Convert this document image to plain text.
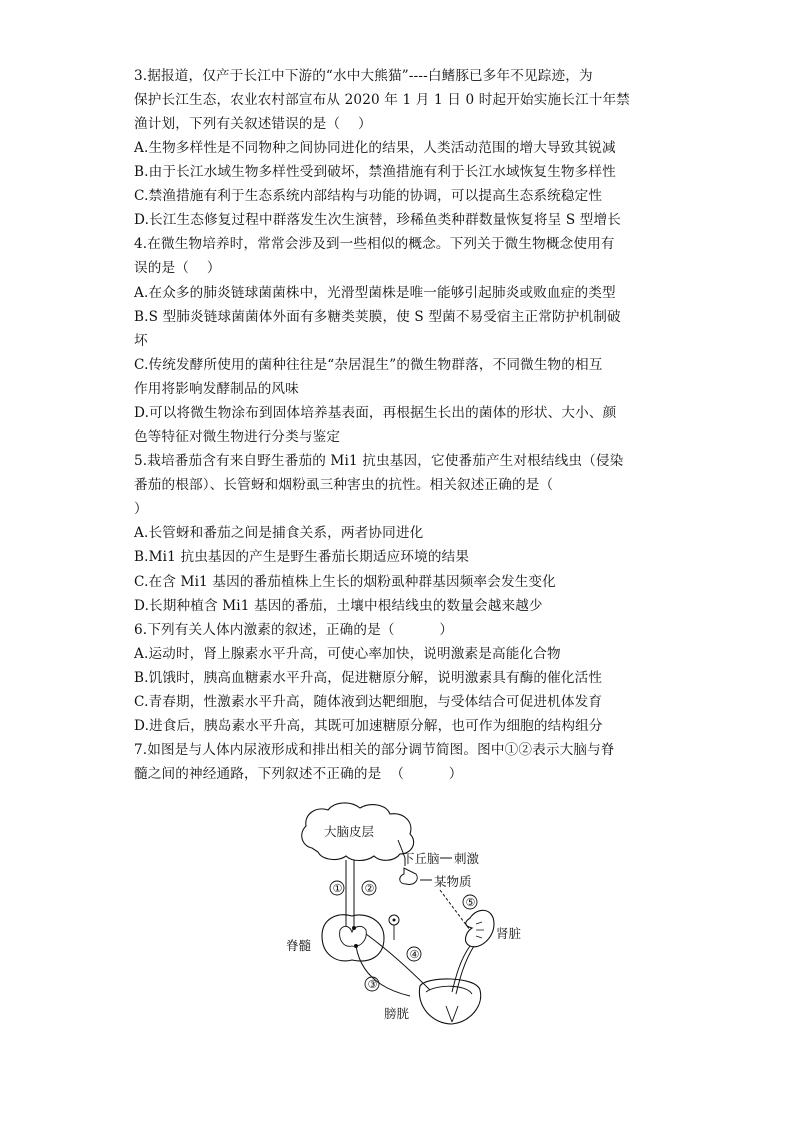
3.据报道，仅产于长江中下游的“水中大熊猫”----白鳍豚已多年不见踪迹，为
保护长江生态，农业农村部宣布从 2020 年 1 月 1 日 0 时起开始实施长江十年禁
渔计划，下列有关叙述错误的是（    ）
A.生物多样性是不同物种之间协同进化的结果，人类活动范围的增大导致其锐减
B.由于长江水域生物多样性受到破坏，禁渔措施有利于长江水域恢复生物多样性
C.禁渔措施有利于生态系统内部结构与功能的协调，可以提高生态系统稳定性
D.长江生态修复过程中群落发生次生演替，珍稀鱼类种群数量恢复将呈 S 型增长
4.在微生物培养时，常常会涉及到一些相似的概念。下列关于微生物概念使用有
误的是（    ）
A.在众多的肺炎链球菌菌株中，光滑型菌株是唯一能够引起肺炎或败血症的类型
B.S 型肺炎链球菌菌体外面有多糖类荚膜，使 S 型菌不易受宿主正常防护机制破
坏
C.传统发酵所使用的菌种往往是“杂居混生”的微生物群落，不同微生物的相互
作用将影响发酵制品的风味
D.可以将微生物涂布到固体培养基表面，再根据生长出的菌体的形状、大小、颜
色等特征对微生物进行分类与鉴定
5.栽培番茄含有来自野生番茄的 Mi1 抗虫基因，它使番茄产生对根结线虫（侵染
番茄的根部）、长管蚜和烟粉虱三种害虫的抗性。相关叙述正确的是（
）
A.长管蚜和番茄之间是捕食关系，两者协同进化
B.Mi1 抗虫基因的产生是野生番茄长期适应环境的结果
C.在含 Mi1 基因的番茄植株上生长的烟粉虱种群基因频率会发生变化
D.长期种植含 Mi1 基因的番茄，土壤中根结线虫的数量会越来越少
6.下列有关人体内激素的叙述，正确的是（          ）
A.运动时，肾上腺素水平升高，可使心率加快，说明激素是高能化合物
B.饥饿时，胰高血糖素水平升高，促进糖原分解，说明激素具有酶的催化活性
C.青春期，性激素水平升高，随体液到达靶细胞，与受体结合可促进机体发育
D.进食后，胰岛素水平升高，其既可加速糖原分解，也可作为细胞的结构组分
7.如图是与人体内尿液形成和排出相关的部分调节简图。图中①②表示大脑与脊
髓之间的神经通路，下列叙述不正确的是  （          ）
大脑皮层
① ②
下丘脑 刺激
某物质
⑤
肾脏
脊髓
④
③
膀胱
